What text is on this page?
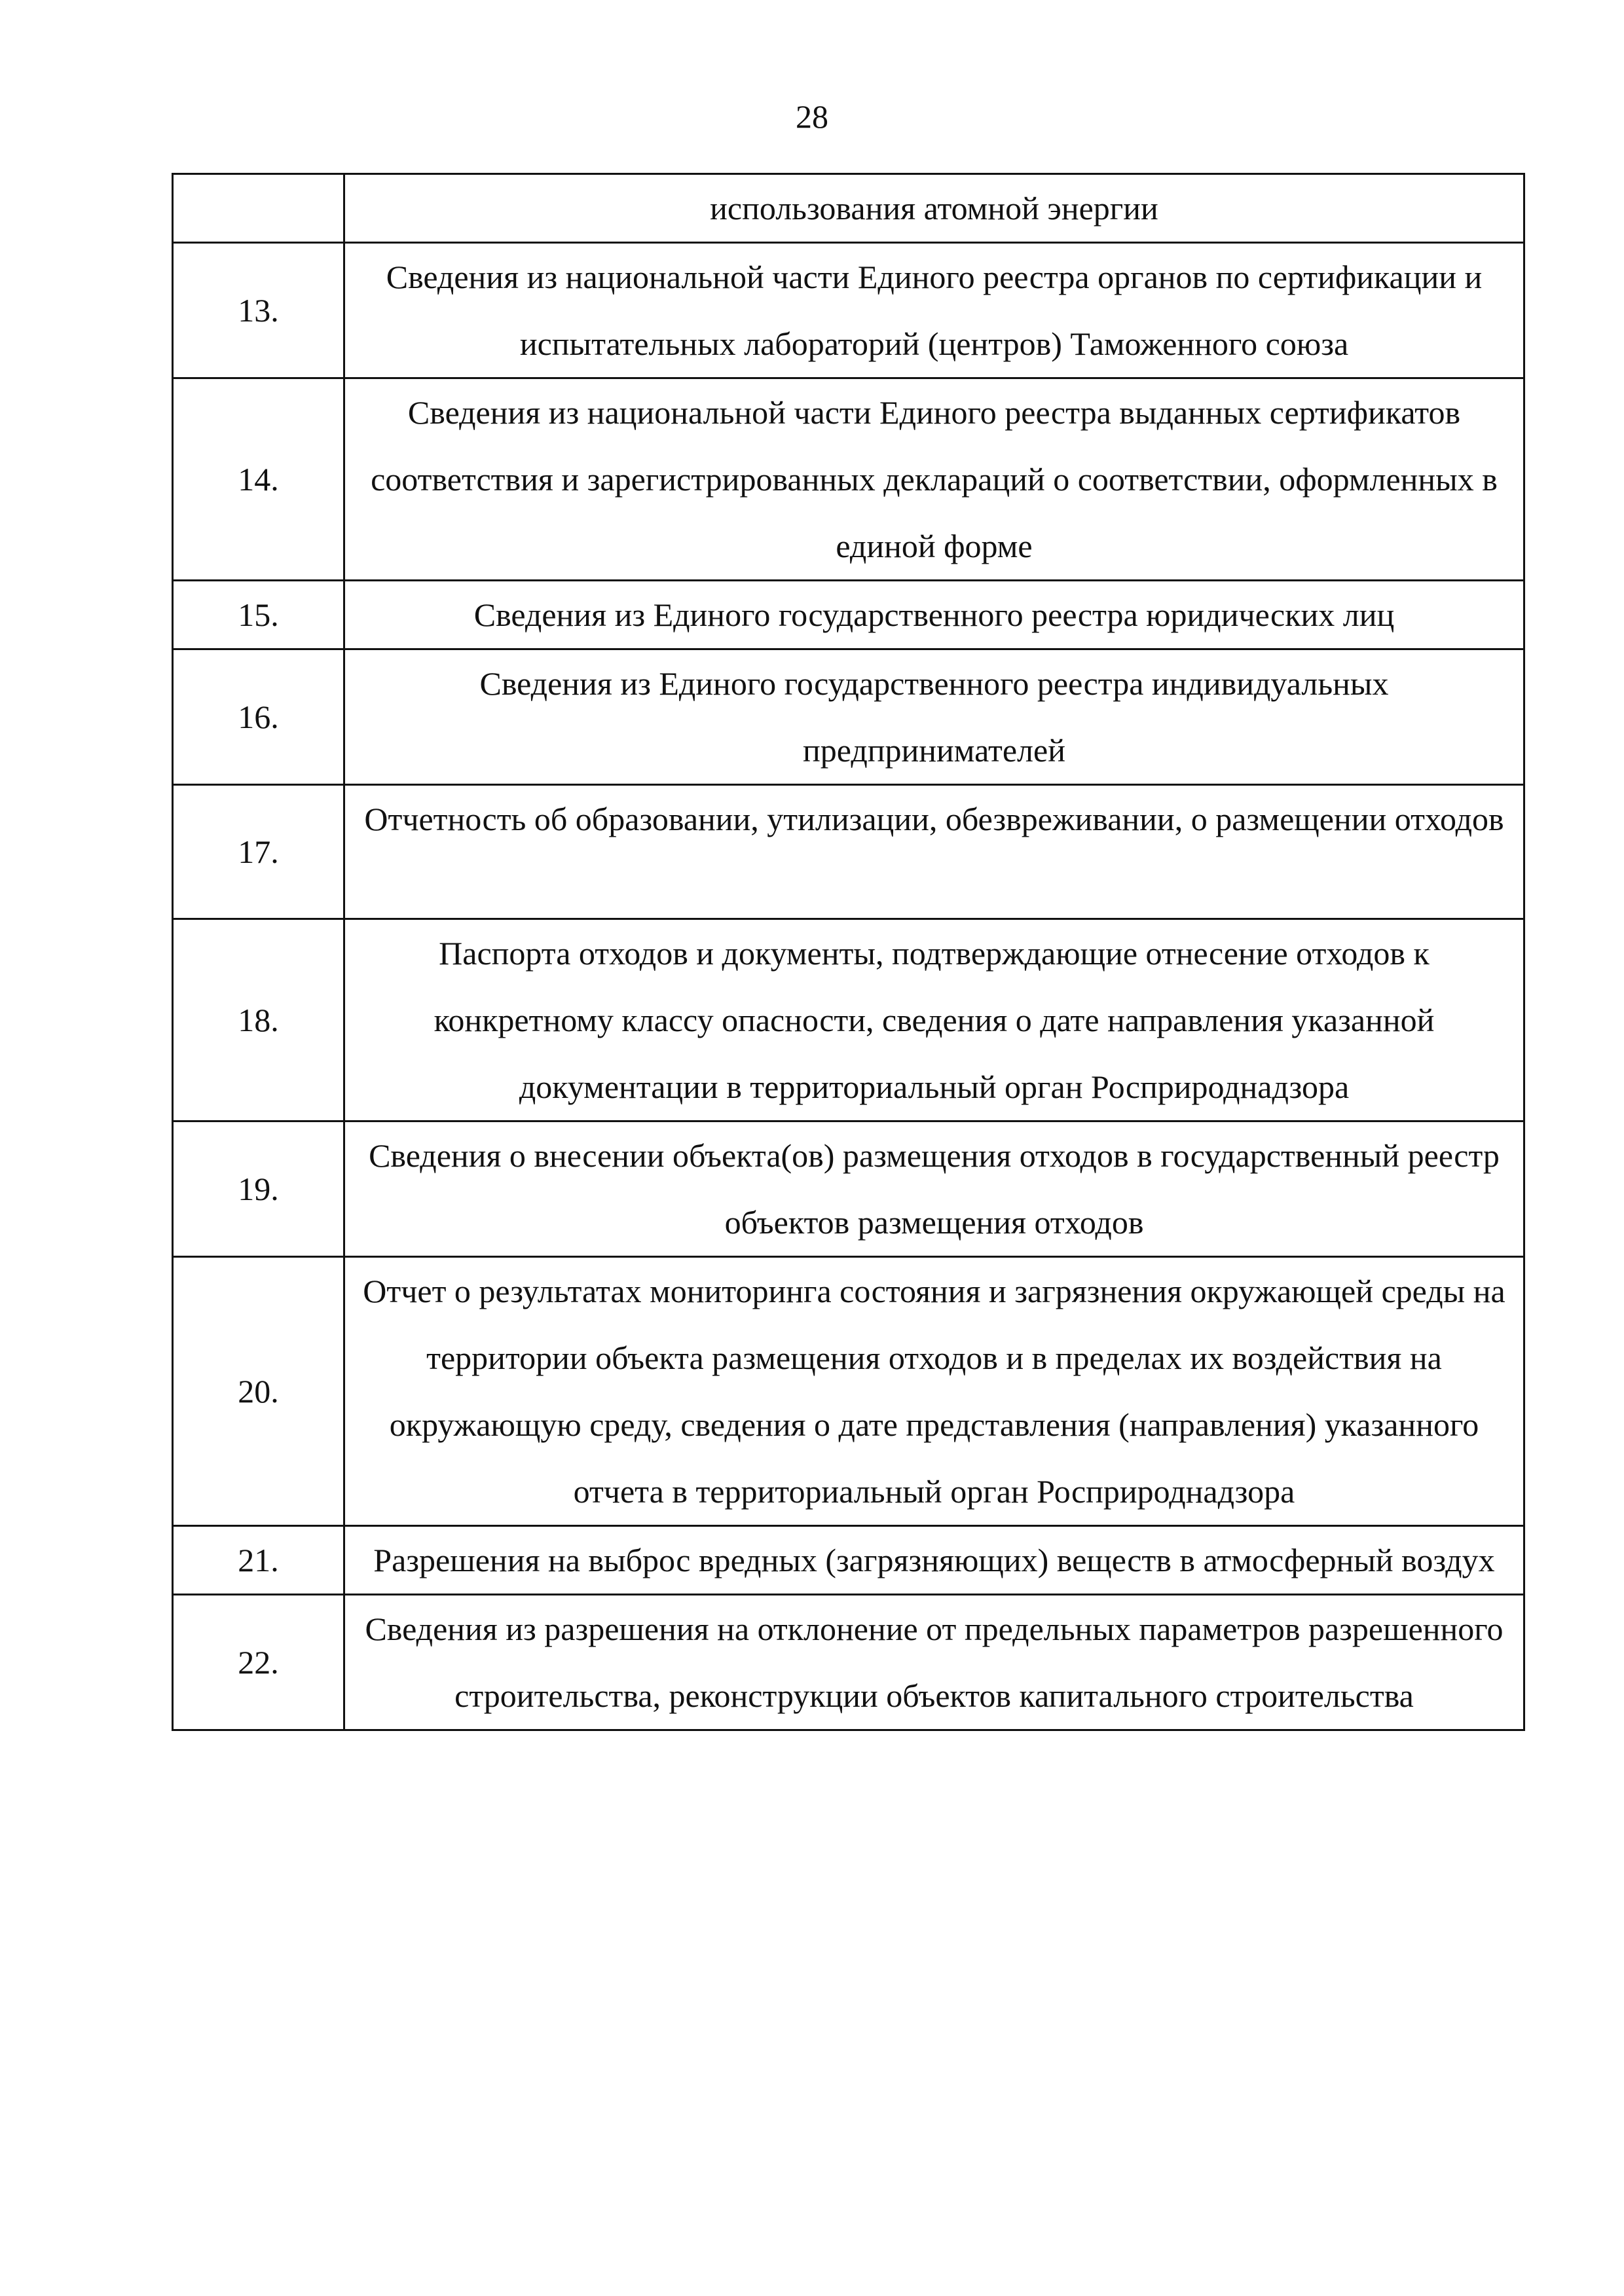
28
	использования атомной энергии
13.	Сведения из национальной части Единого реестра органов по сертификации и испытательных лабораторий (центров) Таможенного союза
14.	Сведения из национальной части Единого реестра выданных сертификатов соответствия и зарегистрированных деклараций о соответствии, оформленных в единой форме
15.	Сведения из Единого государственного реестра юридических лиц
16.	Сведения из Единого государственного реестра индивидуальных предпринимателей
17.	Отчетность об образовании, утилизации, обезвреживании, о размещении отходов
18.	Паспорта отходов и документы, подтверждающие отнесение отходов к конкретному классу опасности, сведения о дате направления указанной документации в территориальный орган Росприроднадзора
19.	Сведения о внесении объекта(ов) размещения отходов в государственный реестр объектов размещения отходов
20.	Отчет о результатах мониторинга состояния и загрязнения окружающей среды на территории объекта размещения отходов и в пределах их воздействия на окружающую среду, сведения о дате представления (направления) указанного отчета в территориальный орган Росприроднадзора
21.	Разрешения на выброс вредных (загрязняющих) веществ в атмосферный воздух
22.	Сведения из разрешения на отклонение от предельных параметров разрешенного строительства, реконструкции объектов капитального строительства
